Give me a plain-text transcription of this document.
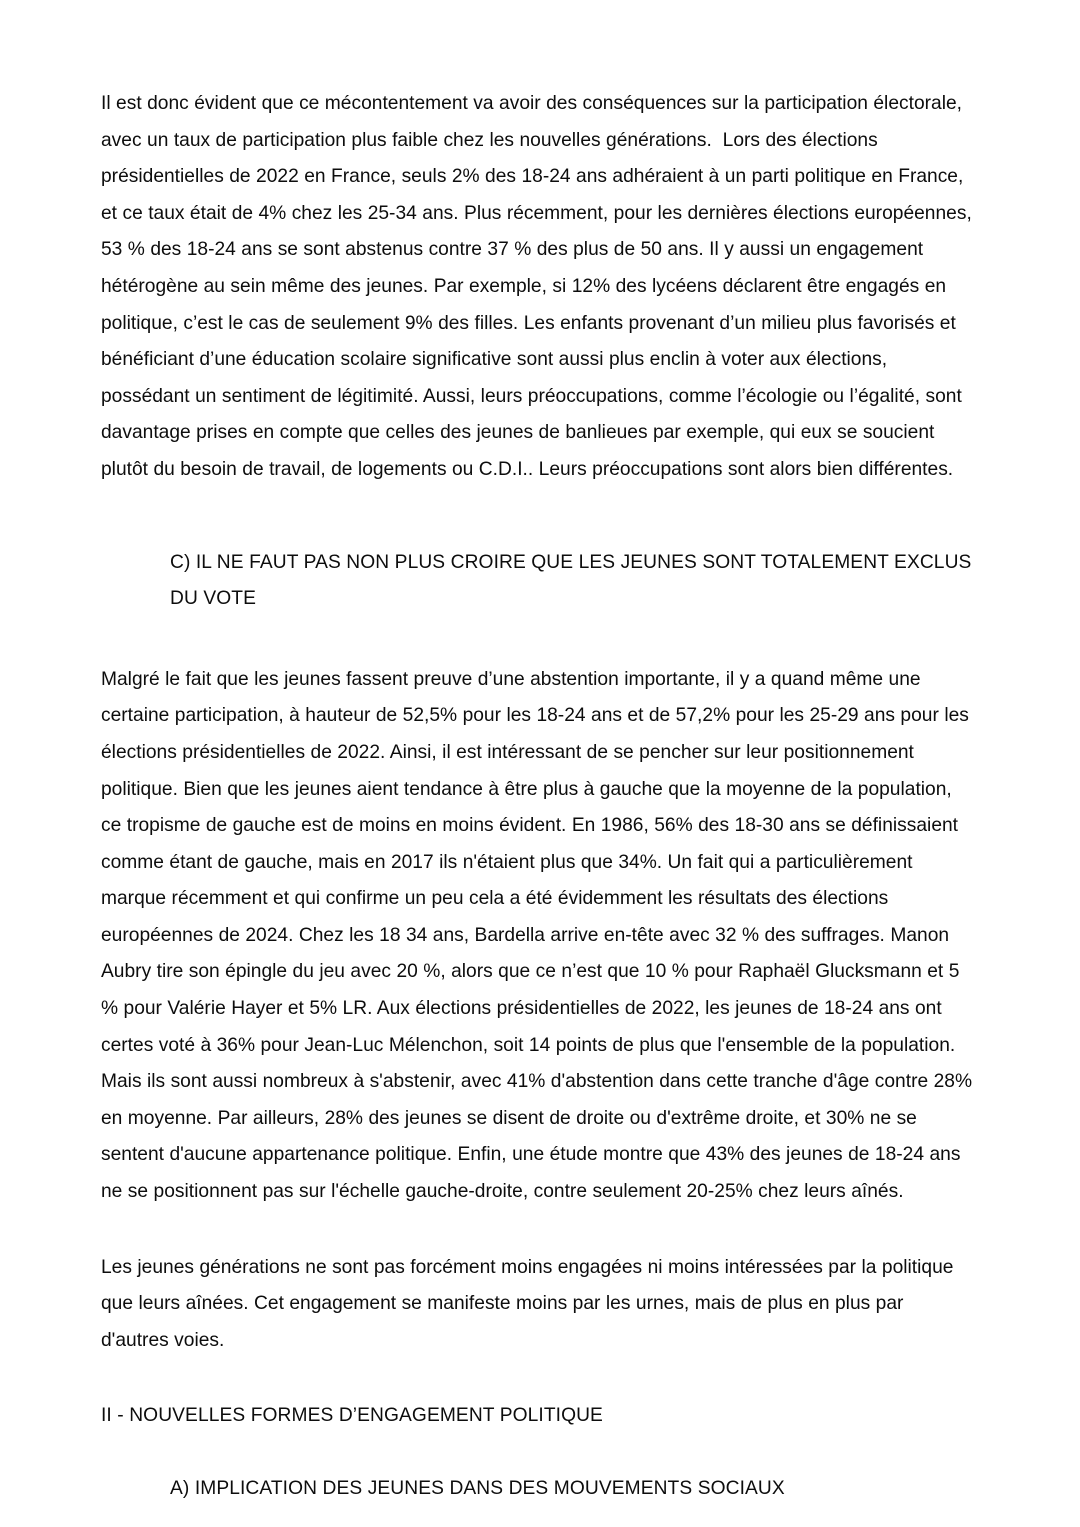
Il est donc évident que ce mécontentement va avoir des conséquences sur la participation électorale, avec un taux de participation plus faible chez les nouvelles générations.  Lors des élections présidentielles de 2022 en France, seuls 2% des 18-24 ans adhéraient à un parti politique en France, et ce taux était de 4% chez les 25-34 ans. Plus récemment, pour les dernières élections européennes, 53 % des 18-24 ans se sont abstenus contre 37 % des plus de 50 ans. Il y aussi un engagement hétérogène au sein même des jeunes. Par exemple, si 12% des lycéens déclarent être engagés en politique, c’est le cas de seulement 9% des filles. Les enfants provenant d’un milieu plus favorisés et bénéficiant d’une éducation scolaire significative sont aussi plus enclin à voter aux élections, possédant un sentiment de légitimité. Aussi, leurs préoccupations, comme l’écologie ou l’égalité, sont davantage prises en compte que celles des jeunes de banlieues par exemple, qui eux se soucient plutôt du besoin de travail, de logements ou C.D.I.. Leurs préoccupations sont alors bien différentes.

C) IL NE FAUT PAS NON PLUS CROIRE QUE LES JEUNES SONT TOTALEMENT EXCLUS DU VOTE

Malgré le fait que les jeunes fassent preuve d’une abstention importante, il y a quand même une certaine participation, à hauteur de 52,5% pour les 18-24 ans et de 57,2% pour les 25-29 ans pour les élections présidentielles de 2022. Ainsi, il est intéressant de se pencher sur leur positionnement politique. Bien que les jeunes aient tendance à être plus à gauche que la moyenne de la population, ce tropisme de gauche est de moins en moins évident. En 1986, 56% des 18-30 ans se définissaient comme étant de gauche, mais en 2017 ils n'étaient plus que 34%. Un fait qui a particulièrement marque récemment et qui confirme un peu cela a été évidemment les résultats des élections européennes de 2024. Chez les 18 34 ans, Bardella arrive en-tête avec 32 % des suffrages. Manon Aubry tire son épingle du jeu avec 20 %, alors que ce n’est que 10 % pour Raphaël Glucksmann et 5 % pour Valérie Hayer et 5% LR. Aux élections présidentielles de 2022, les jeunes de 18-24 ans ont certes voté à 36% pour Jean-Luc Mélenchon, soit 14 points de plus que l'ensemble de la population. Mais ils sont aussi nombreux à s'abstenir, avec 41% d'abstention dans cette tranche d'âge contre 28% en moyenne. Par ailleurs, 28% des jeunes se disent de droite ou d'extrême droite, et 30% ne se sentent d'aucune appartenance politique. Enfin, une étude montre que 43% des jeunes de 18-24 ans ne se positionnent pas sur l'échelle gauche-droite, contre seulement 20-25% chez leurs aînés.

Les jeunes générations ne sont pas forcément moins engagées ni moins intéressées par la politique que leurs aînées. Cet engagement se manifeste moins par les urnes, mais de plus en plus par d'autres voies.

II - NOUVELLES FORMES D’ENGAGEMENT POLITIQUE
A) IMPLICATION DES JEUNES DANS DES MOUVEMENTS SOCIAUX
